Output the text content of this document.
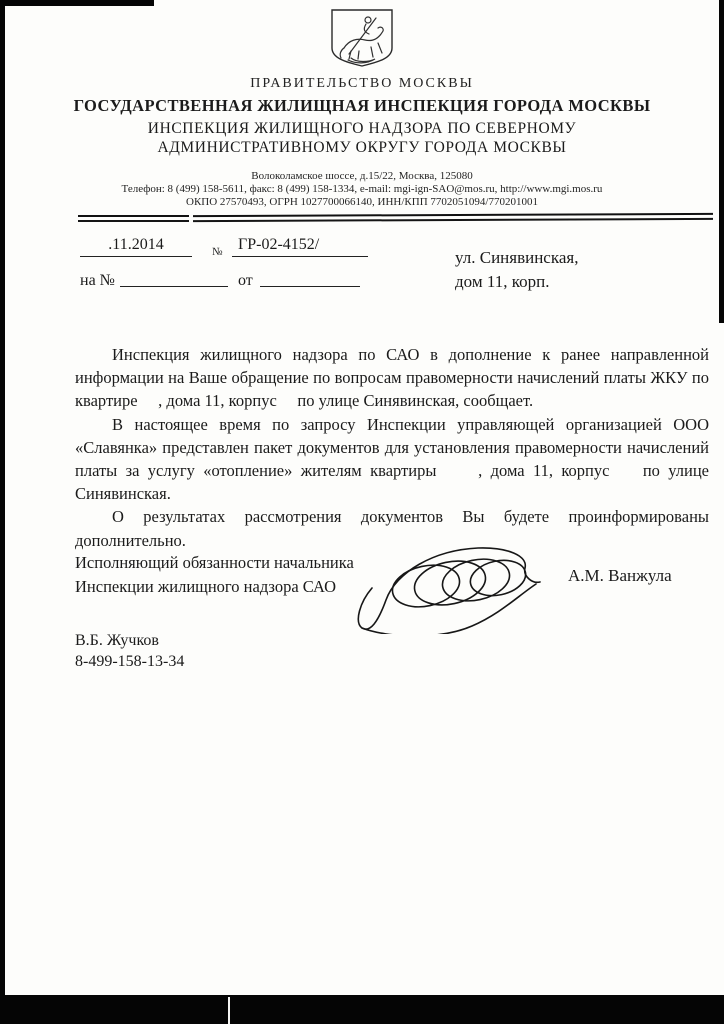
ПРАВИТЕЛЬСТВО МОСКВЫ
ГОСУДАРСТВЕННАЯ ЖИЛИЩНАЯ ИНСПЕКЦИЯ ГОРОДА МОСКВЫ
ИНСПЕКЦИЯ ЖИЛИЩНОГО НАДЗОРА ПО СЕВЕРНОМУ
АДМИНИСТРАТИВНОМУ ОКРУГУ ГОРОДА МОСКВЫ
Волоколамское шоссе, д.15/22, Москва, 125080
Телефон: 8 (499) 158-5611, факс: 8 (499) 158-1334, e-mail: mgi-ign-SAO@mos.ru, http://www.mgi.mos.ru
ОКПО 27570493, ОГРН 1027700066140, ИНН/КПП 7702051094/770201001
.11.2014	№ ГР-02-4152/
на №	от
ул. Синявинская,
дом 11, корп.

Инспекция жилищного надзора по САО в дополнение к ранее направленной информации на Ваше обращение по вопросам правомерности начислений платы ЖКУ по квартире     , дома 11, корпус     по улице Синявинская, сообщает.

В настоящее время по запросу Инспекции управляющей организацией ООО «Славянка» представлен пакет документов для установления правомерности начислений платы за услугу «отопление» жителям квартиры     , дома 11, корпус    по улице Синявинская.

О результатах рассмотрения документов Вы будете проинформированы дополнительно.

Исполняющий обязанности начальника
Инспекции жилищного надзора САО
А.М. Ванжула
В.Б. Жучков
8-499-158-13-34
